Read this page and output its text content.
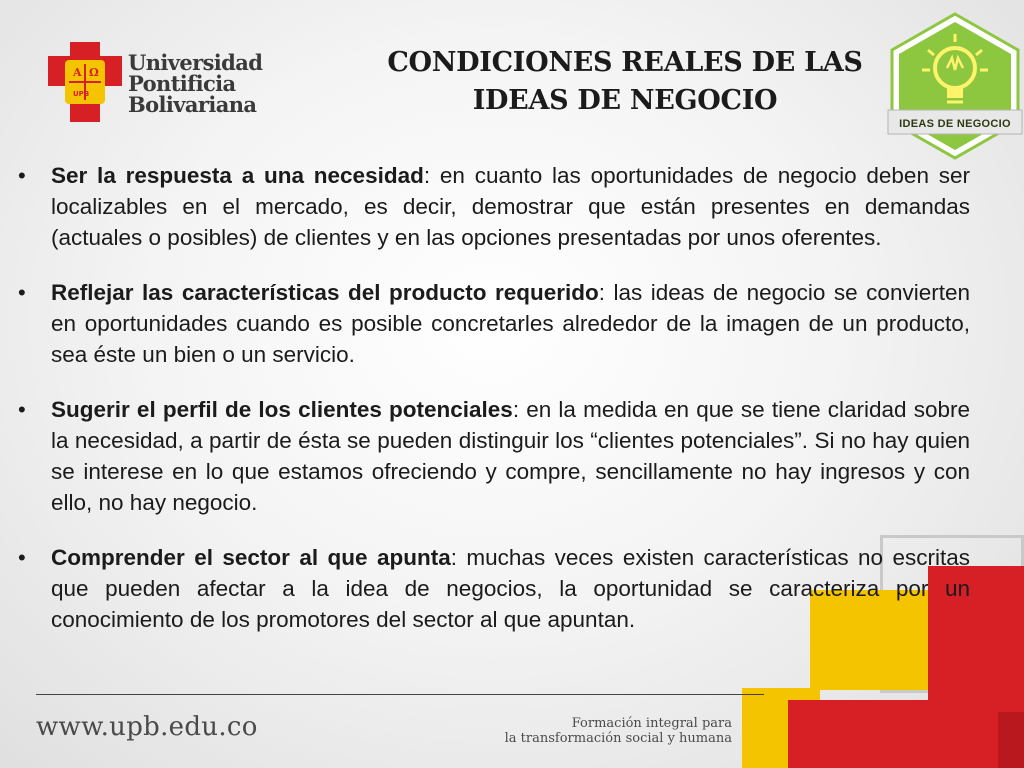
A Ω
UPB
Universidad
Pontificia
Bolivariana
CONDICIONES REALES DE LAS
IDEAS DE NEGOCIO
IDEAS DE NEGOCIO
• Ser la respuesta a una necesidad: en cuanto las oportunidades de negocio deben ser localizables en el mercado, es decir, demostrar que están presentes en demandas (actuales o posibles) de clientes y en las opciones presentadas por unos oferentes.

• Reflejar las características del producto requerido: las ideas de negocio se convierten en oportunidades cuando es posible concretarles alrededor de la imagen de un producto, sea éste un bien o un servicio.

• Sugerir el perfil de los clientes potenciales: en la medida en que se tiene claridad sobre la necesidad, a partir de ésta se pueden distinguir los “clientes potenciales”. Si no hay quien se interese en lo que estamos ofreciendo y compre, sencillamente no hay ingresos y con ello, no hay negocio.

• Comprender el sector al que apunta: muchas veces existen características no escritas que pueden afectar a la idea de negocios, la oportunidad se caracteriza por un conocimiento de los promotores del sector al que apuntan.

www.upb.edu.co	Formación integral para
la transformación social y humana
